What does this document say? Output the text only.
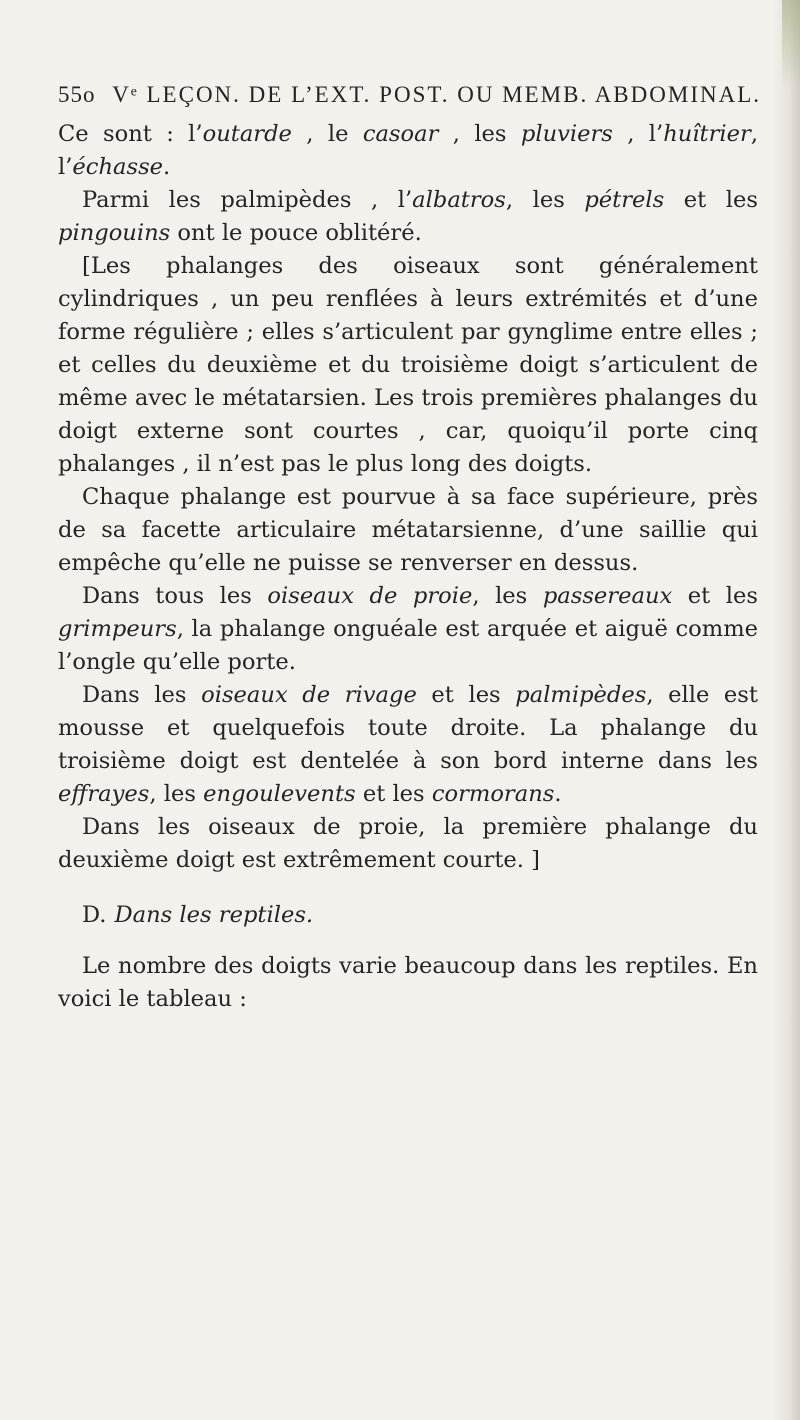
55o Vᵉ LEÇON. DE L’EXT. POST. OU MEMB. ABDOMINAL.

Ce sont : l’outarde , le casoar , les pluviers , l’huîtrier, l’échasse.

Parmi les palmipèdes , l’albatros, les pétrels et les pingouins ont le pouce oblitéré.

[Les phalanges des oiseaux sont généralement cylindriques , un peu renflées à leurs extrémités et d’une forme régulière ; elles s’articulent par gynglime entre elles ; et celles du deuxième et du troisième doigt s’articulent de même avec le métatarsien. Les trois premières phalanges du doigt externe sont courtes , car, quoiqu’il porte cinq phalanges , il n’est pas le plus long des doigts.

Chaque phalange est pourvue à sa face supérieure, près de sa facette articulaire métatarsienne, d’une saillie qui empêche qu’elle ne puisse se renverser en dessus.

Dans tous les oiseaux de proie, les passereaux et les grimpeurs, la phalange onguéale est arquée et aiguë comme l’ongle qu’elle porte.

Dans les oiseaux de rivage et les palmipèdes, elle est mousse et quelquefois toute droite. La phalange du troisième doigt est dentelée à son bord interne dans les effrayes, les engoulevents et les cormorans.

Dans les oiseaux de proie, la première phalange du deuxième doigt est extrêmement courte. ]

D. Dans les reptiles.

Le nombre des doigts varie beaucoup dans les reptiles. En voici le tableau :
